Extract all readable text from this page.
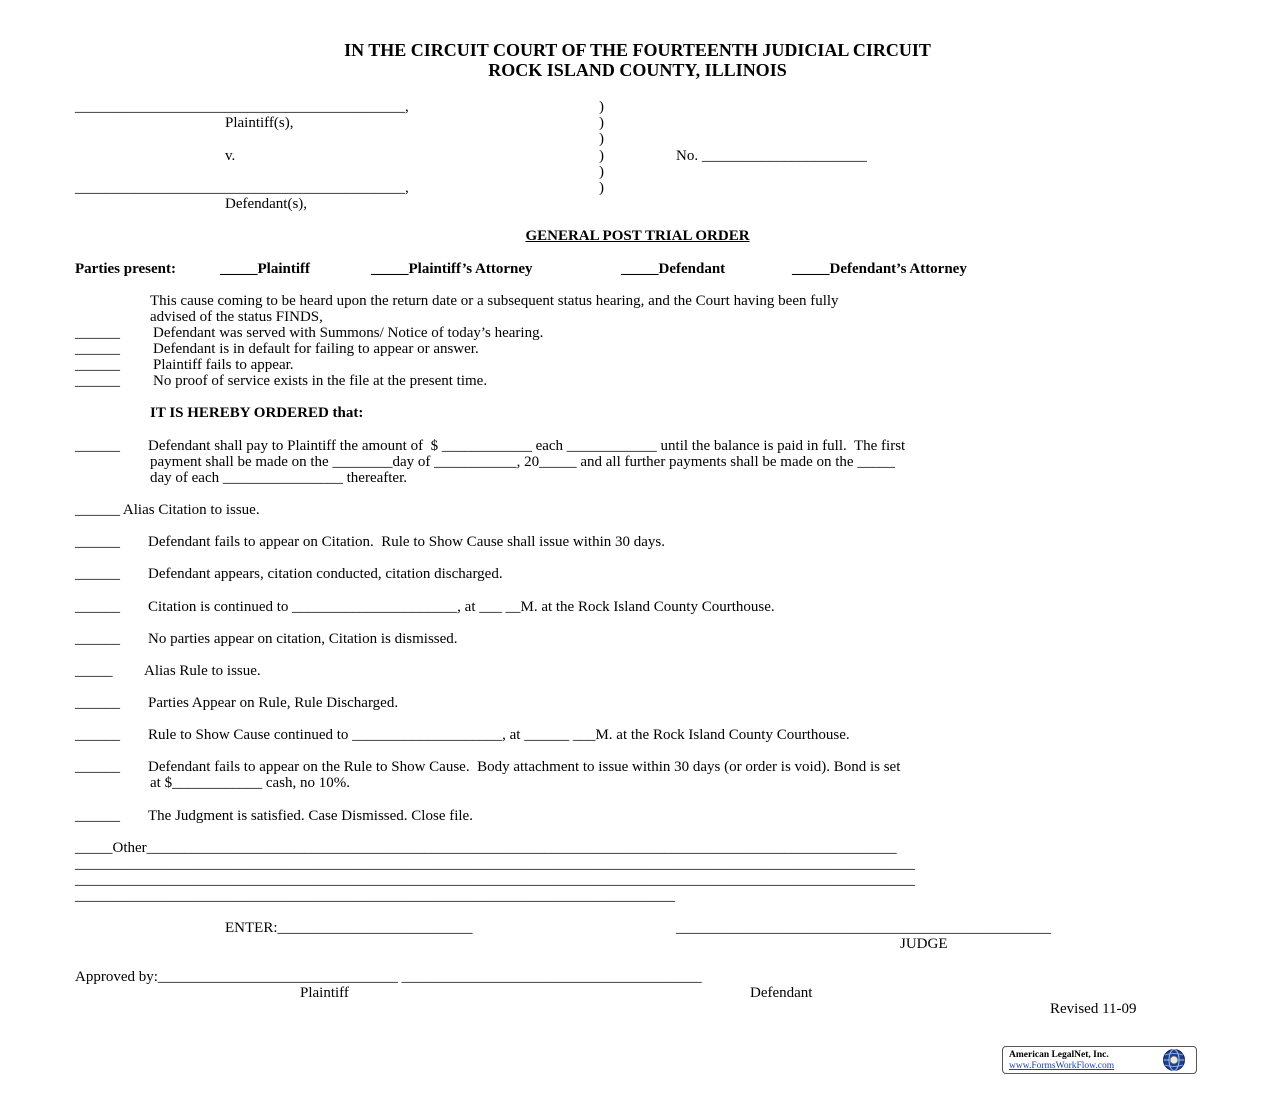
IN THE CIRCUIT COURT OF THE FOURTEENTH JUDICIAL CIRCUIT
ROCK ISLAND COUNTY, ILLINOIS
____________________________________________,
Plaintiff(s),
v.
____________________________________________,
Defendant(s),
)
)
)
)
)
)
No. ______________________
GENERAL POST TRIAL ORDER
Parties present:	_____Plaintiff	_____Plaintiff’s Attorney	_____Defendant	_____Defendant’s Attorney
This cause coming to be heard upon the return date or a subsequent status hearing, and the Court having been fully
advised of the status FINDS,
______ Defendant was served with Summons/ Notice of today’s hearing.
______ Defendant is in default for failing to appear or answer.
______ Plaintiff fails to appear.
______ No proof of service exists in the file at the present time.
IT IS HEREBY ORDERED that:
______ Defendant shall pay to Plaintiff the amount of  $ ____________ each ____________ until the balance is paid in full.  The first
payment shall be made on the ________day of ___________, 20_____ and all further payments shall be made on the _____
day of each ________________ thereafter.
______ Alias Citation to issue.
______ Defendant fails to appear on Citation.  Rule to Show Cause shall issue within 30 days.
______ Defendant appears, citation conducted, citation discharged.
______ Citation is continued to ______________________, at ___ __M. at the Rock Island County Courthouse.
______ No parties appear on citation, Citation is dismissed.
_____ Alias Rule to issue.
______ Parties Appear on Rule, Rule Discharged.
______ Rule to Show Cause continued to ____________________, at ______ ___M. at the Rock Island County Courthouse.
______ Defendant fails to appear on the Rule to Show Cause.  Body attachment to issue within 30 days (or order is void). Bond is set
at $____________ cash, no 10%.
______ The Judgment is satisfied. Case Dismissed. Close file.
_____Other____________________________________________________________________________________________________
________________________________________________________________________________________________________________
________________________________________________________________________________________________________________
________________________________________________________________________________
ENTER:__________________________	__________________________________________________
JUDGE
Approved by:________________________________ ________________________________________
Plaintiff	Defendant
Revised 11-09
American LegalNet, Inc.
www.FormsWorkFlow.com
